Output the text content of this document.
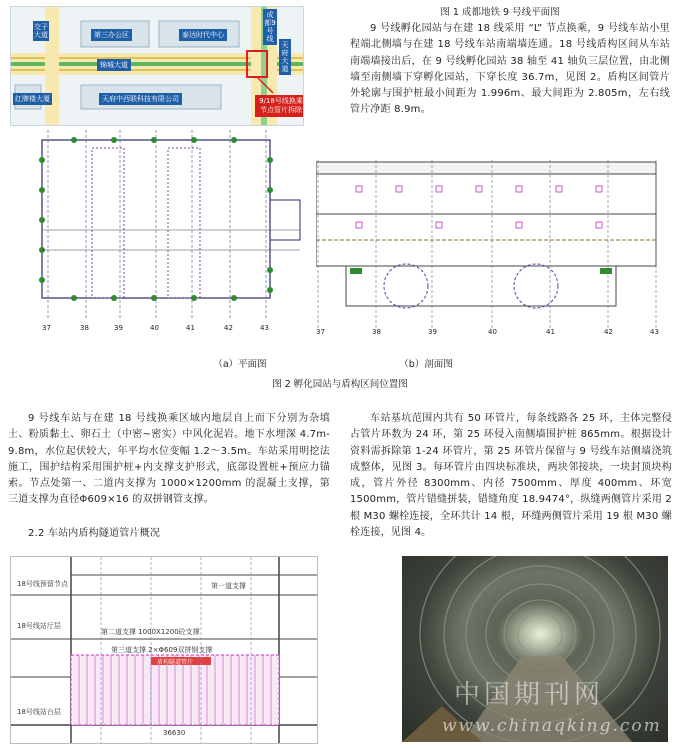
交子大道	第三办公区	泰达时代中心
锦城大道
红牌楼大厦	天府中西联科技有限公司
成都9号线
天府大道
9/18号线换乘
节点管片拆除
图 1 成都地铁 9 号线平面图
9 号线孵化园站与在建 18 线采用 “L” 节点换乘，9 号线车站小里程端北侧墙与在建 18 号线车站南端墙连通。18 号线盾构区间从车站南端墙接出后，在 9 号线孵化园站 38 轴至 41 轴负三层位置，由北侧墙至南侧墙下穿孵化园站，下穿长度 36.7m，见图 2。盾构区间管片外轮廓与围护桩最小间距为 1.996m、最大间距为 2.805m，左右线管片净距 8.9m。
37	38	39	40	41	42	43	37	38	39	40	41	42	43
（a）平面图	（b）剖面图
图 2 孵化园站与盾构区间位置图
9 号线车站与在建 18 号线换乘区域内地层自上而下分别为杂填土、粉质黏土、卵石土（中密~密实）中风化泥岩。地下水埋深 4.7m-9.8m，水位起伏较大，年平均水位变幅 1.2～3.5m。车站采用明挖法施工，围护结构采用围护桩+内支撑支护形式，底部设置桩+预应力锚索。节点处第一、二道内支撑为 1000×1200mm 的混凝土支撑，第三道支撑为直径Φ609×16 的双拼钢管支撑。
2.2 车站内盾构隧道管片概况
车站基坑范围内共有 50 环管片，每条线路各 25 环，主体完整侵占管片环数为 24 环，第 25 环侵入南侧墙围护桩 865mm。根据设计资料需拆除第 1-24 环管片，第 25 环管片保留与 9 号线车站侧墙浇筑成整体，见图 3。每环管片由四块标准块，两块邻接块，一块封顶块构成，管片外径 8300mm、内径 7500mm、厚度 400mm、环宽 1500mm，管片错缝拼装，错缝角度 18.9474°，纵缝两侧管片采用 2 根 M30 螺栓连接，全环共计 14 根，环缝两侧管片采用 19 根 M30 螺栓连接，见图 4。
18号线预留节点
18号线站厅层
第一道支撑
第二道支撑 1000X1200砼支撑
第三道支撑 2×Φ609双拼钢支撑
盾构隧道管片
18号线站台层
36630
中国期刊网
www.chinaqking.com
